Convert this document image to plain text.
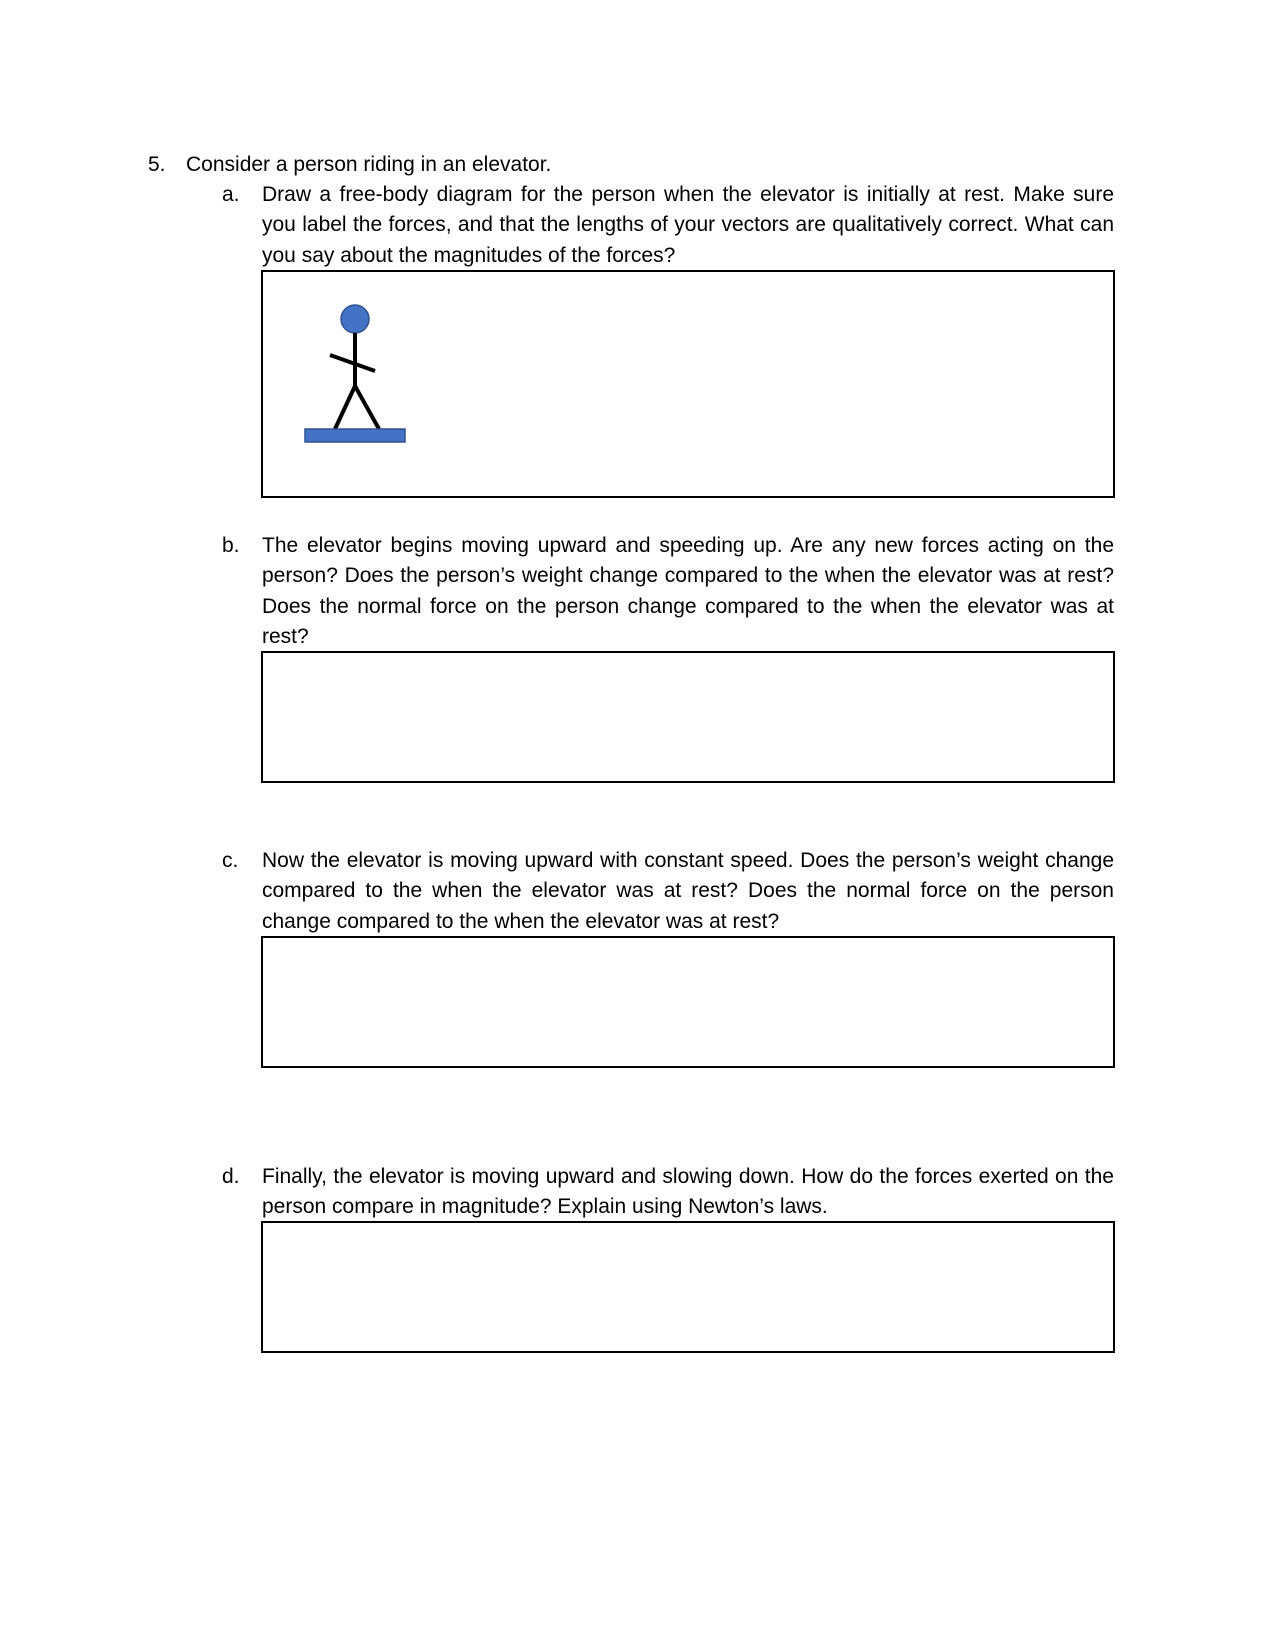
5. Consider a person riding in an elevator.
a. Draw a free-body diagram for the person when the elevator is initially at rest. Make sure you label the forces, and that the lengths of your vectors are qualitatively correct. What can you say about the magnitudes of the forces?
b. The elevator begins moving upward and speeding up. Are any new forces acting on the person? Does the person’s weight change compared to the when the elevator was at rest? Does the normal force on the person change compared to the when the elevator was at rest?
c. Now the elevator is moving upward with constant speed. Does the person’s weight change compared to the when the elevator was at rest? Does the normal force on the person change compared to the when the elevator was at rest?
d. Finally, the elevator is moving upward and slowing down. How do the forces exerted on the person compare in magnitude? Explain using Newton’s laws.
